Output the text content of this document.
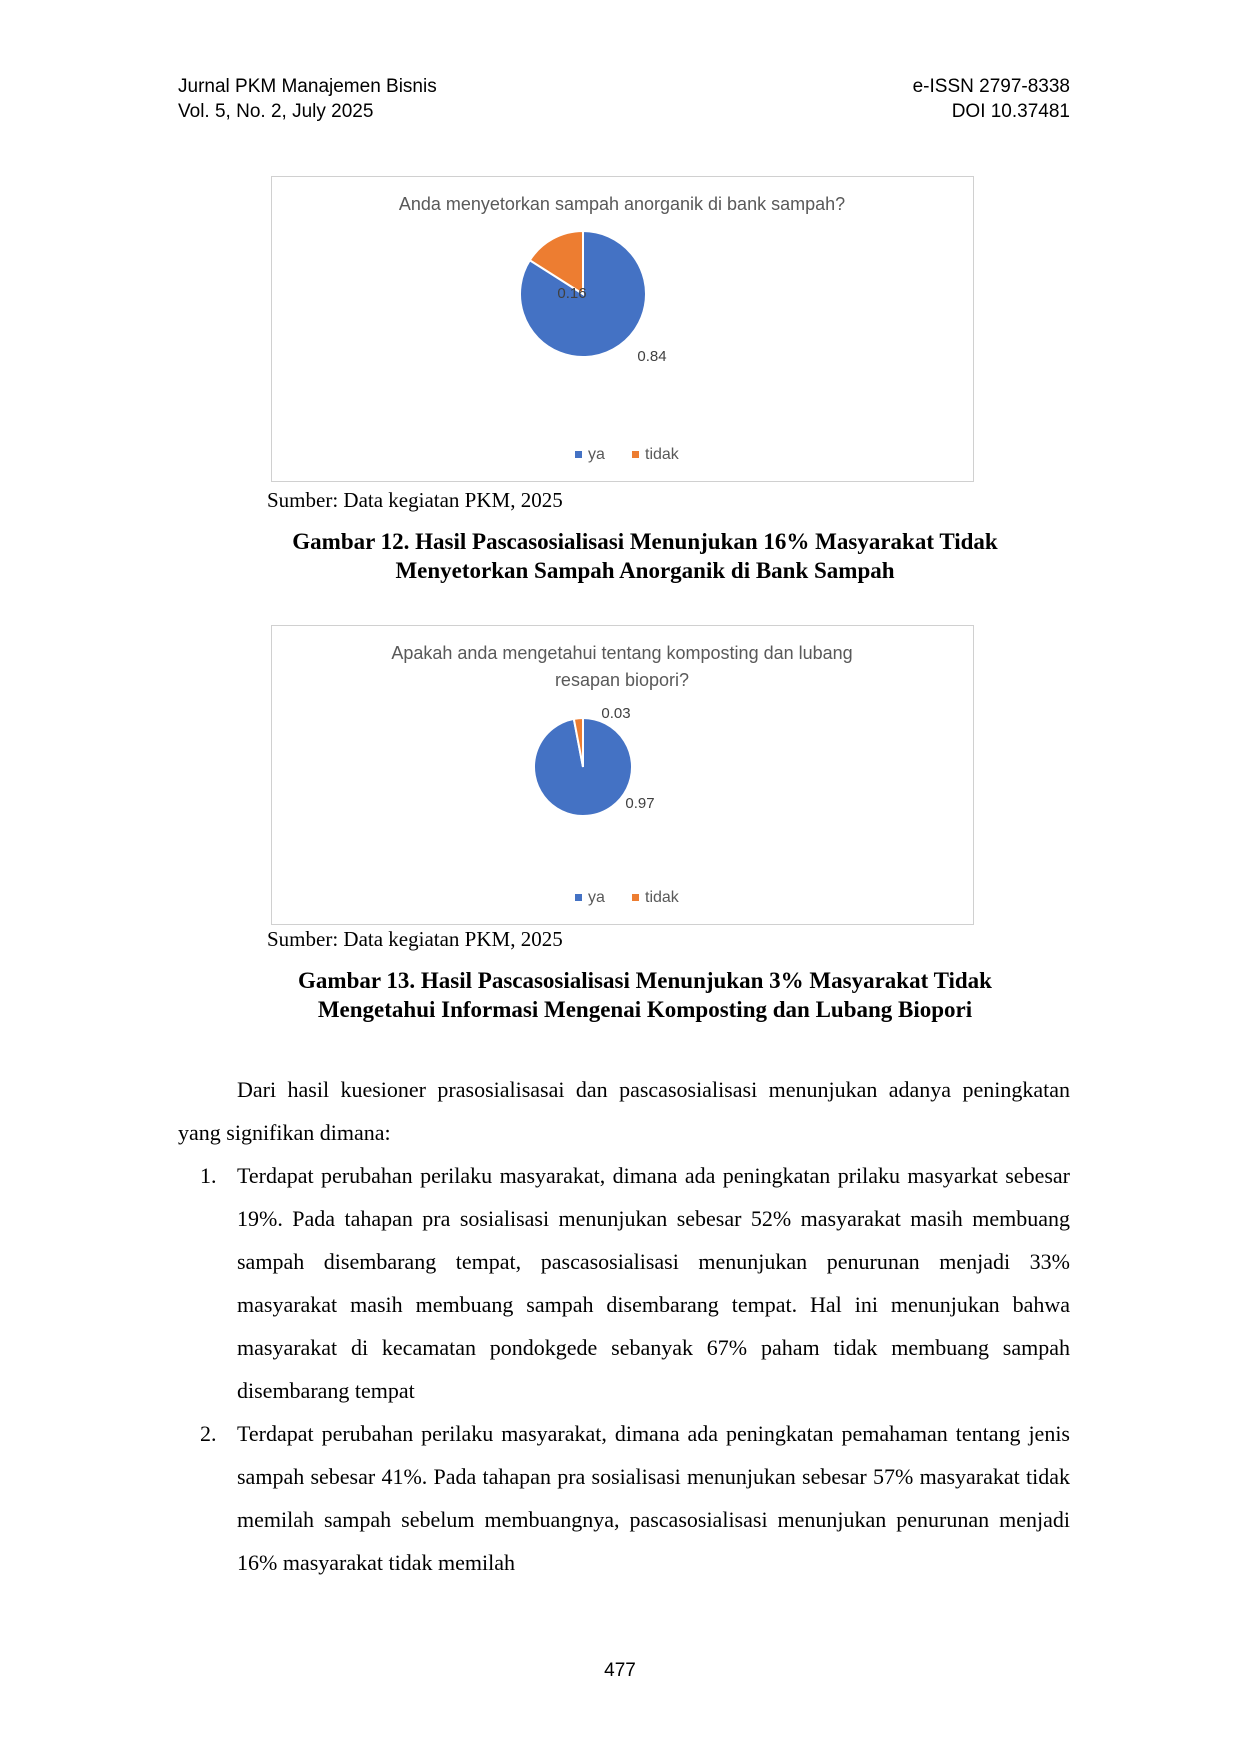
Jurnal PKM Manajemen Bisnis
Vol. 5, No. 2, July 2025
e-ISSN 2797-8338
DOI 10.37481
Anda menyetorkan sampah anorganik di bank sampah?
0.16
0.84
ya	tidak
Sumber: Data kegiatan PKM, 2025
Gambar 12. Hasil Pascasosialisasi Menunjukan 16% Masyarakat Tidak
Menyetorkan Sampah Anorganik di Bank Sampah
Apakah anda mengetahui tentang komposting dan lubang
resapan biopori?
0.03
0.97
ya	tidak
Sumber: Data kegiatan PKM, 2025
Gambar 13. Hasil Pascasosialisasi Menunjukan 3% Masyarakat Tidak
Mengetahui Informasi Mengenai Komposting dan Lubang Biopori
Dari hasil kuesioner prasosialisasai dan pascasosialisasi menunjukan adanya peningkatan yang signifikan dimana:
1. Terdapat perubahan perilaku masyarakat, dimana ada peningkatan prilaku masyarkat sebesar 19%. Pada tahapan pra sosialisasi menunjukan sebesar 52% masyarakat masih membuang sampah disembarang tempat, pascasosialisasi menunjukan penurunan menjadi 33% masyarakat masih membuang sampah disembarang tempat. Hal ini menunjukan bahwa masyarakat di kecamatan pondokgede sebanyak 67% paham tidak membuang sampah disembarang tempat
2. Terdapat perubahan perilaku masyarakat, dimana ada peningkatan pemahaman tentang jenis sampah sebesar 41%. Pada tahapan pra sosialisasi menunjukan sebesar 57% masyarakat tidak memilah sampah sebelum membuangnya, pascasosialisasi menunjukan penurunan menjadi 16% masyarakat tidak memilah
477
